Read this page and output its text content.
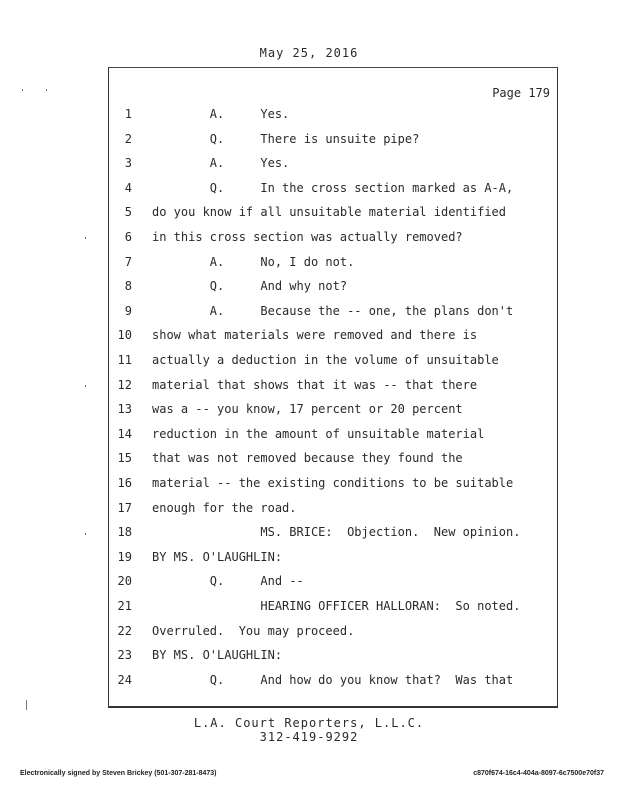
May 25, 2016
Page 179
1 A.     Yes.
2 Q.     There is unsuite pipe?
3 A.     Yes.
4 Q.     In the cross section marked as A-A,
5 do you know if all unsuitable material identified
6 in this cross section was actually removed?
7 A.     No, I do not.
8 Q.     And why not?
9 A.     Because the -- one, the plans don't
10 show what materials were removed and there is
11 actually a deduction in the volume of unsuitable
12 material that shows that it was -- that there
13 was a -- you know, 17 percent or 20 percent
14 reduction in the amount of unsuitable material
15 that was not removed because they found the
16 material -- the existing conditions to be suitable
17 enough for the road.
18 MS. BRICE:  Objection.  New opinion.
19 BY MS. O'LAUGHLIN:
20 Q.     And --
21 HEARING OFFICER HALLORAN:  So noted.
22 Overruled.  You may proceed.
23 BY MS. O'LAUGHLIN:
24 Q.     And how do you know that?  Was that
L.A. Court Reporters, L.L.C.
312-419-9292
Electronically signed by Steven Brickey (501-307-281-8473)	c870f674-16c4-404a-8097-6c7500e70f37
